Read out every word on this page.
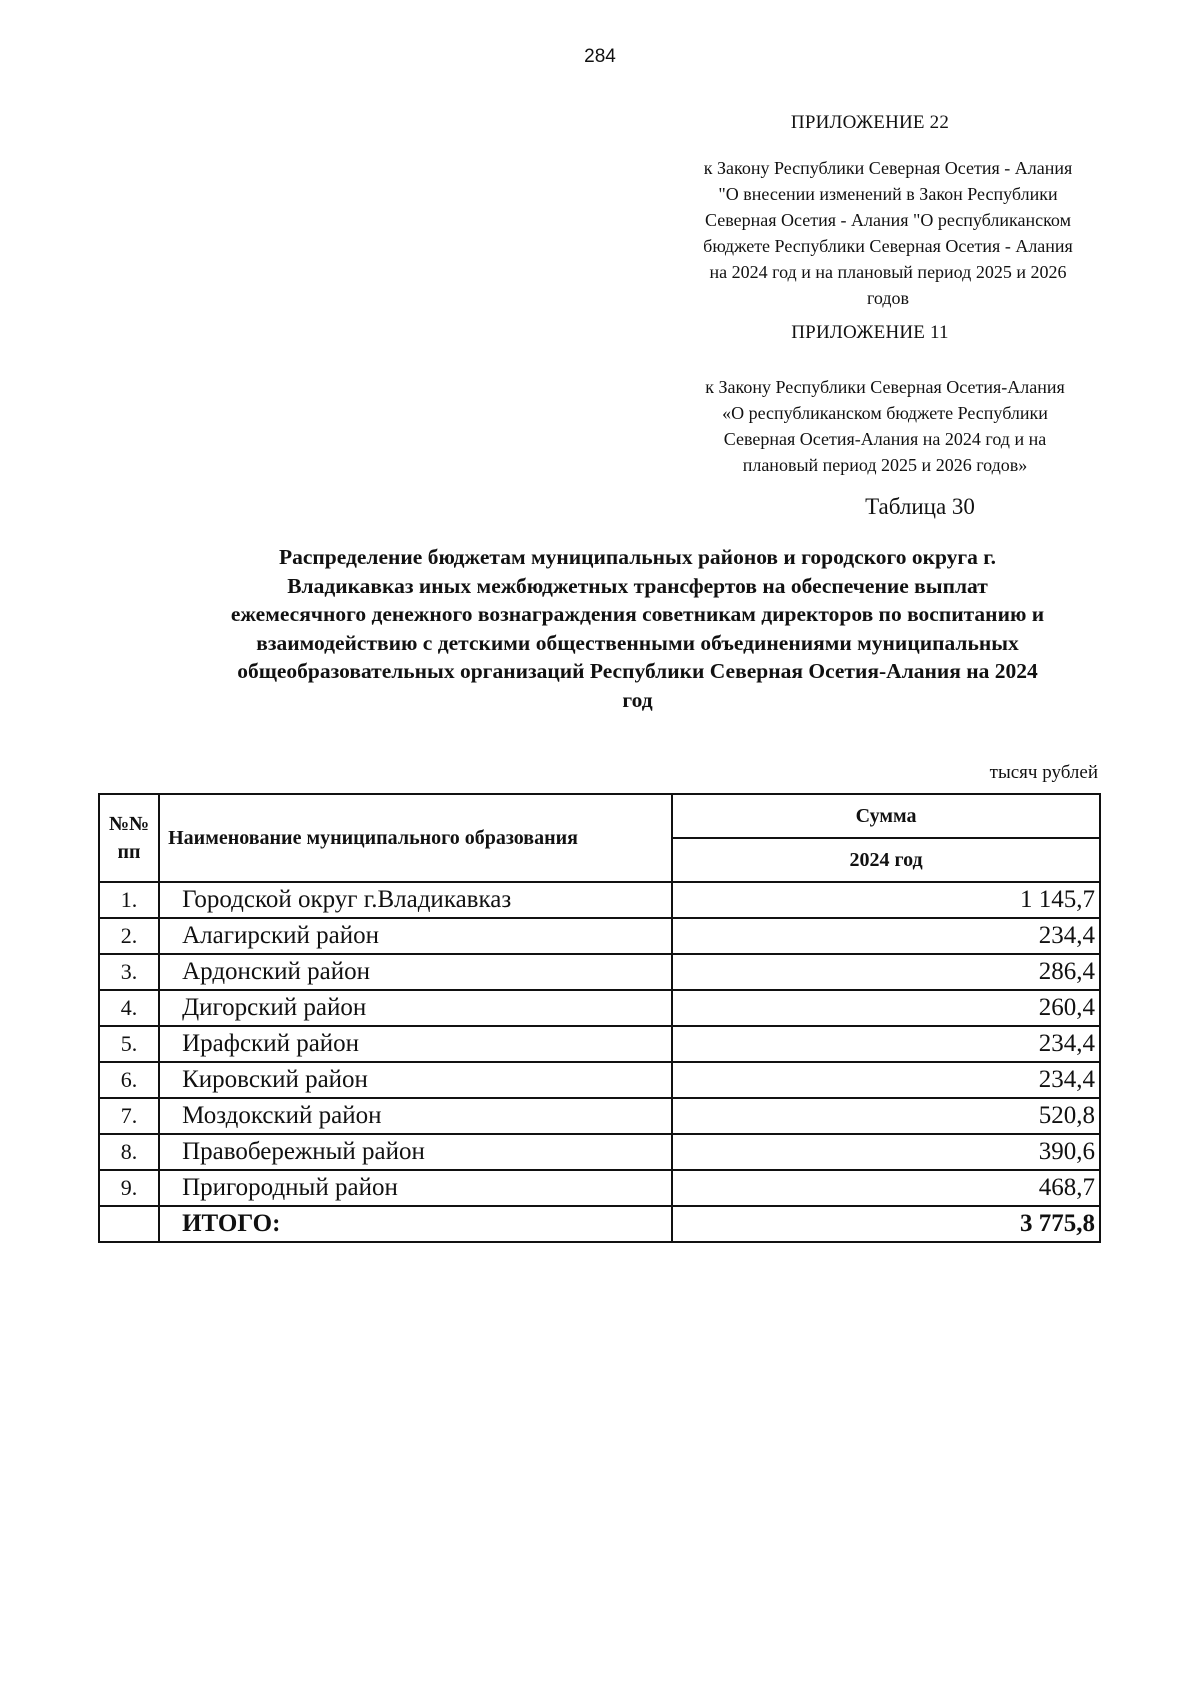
284
ПРИЛОЖЕНИЕ 22
к Закону Республики Северная Осетия - Алания
"О внесении изменений в Закон Республики
Северная Осетия - Алания "О республиканском
бюджете Республики Северная Осетия - Алания
на 2024 год и на плановый период 2025 и 2026
годов
ПРИЛОЖЕНИЕ 11
к Закону Республики Северная Осетия-Алания
«О республиканском бюджете Республики
Северная Осетия-Алания на 2024 год и на
плановый период 2025 и 2026 годов»
Таблица 30
Распределение бюджетам муниципальных районов и городского округа г.
Владикавказ иных межбюджетных трансфертов на обеспечение выплат
ежемесячного денежного вознаграждения советникам директоров по воспитанию и
взаимодействию с детскими общественными объединениями муниципальных
общеобразовательных организаций Республики Северная Осетия-Алания на 2024
год
тысяч рублей
№№
пп	Наименование муниципального образования	Сумма
		2024 год
1.	Городской округ г.Владикавказ	1 145,7
2.	Алагирский район	234,4
3.	Ардонский район	286,4
4.	Дигорский район	260,4
5.	Ирафский район	234,4
6.	Кировский район	234,4
7.	Моздокский район	520,8
8.	Правобережный район	390,6
9.	Пригородный район	468,7
	ИТОГО:	3 775,8
